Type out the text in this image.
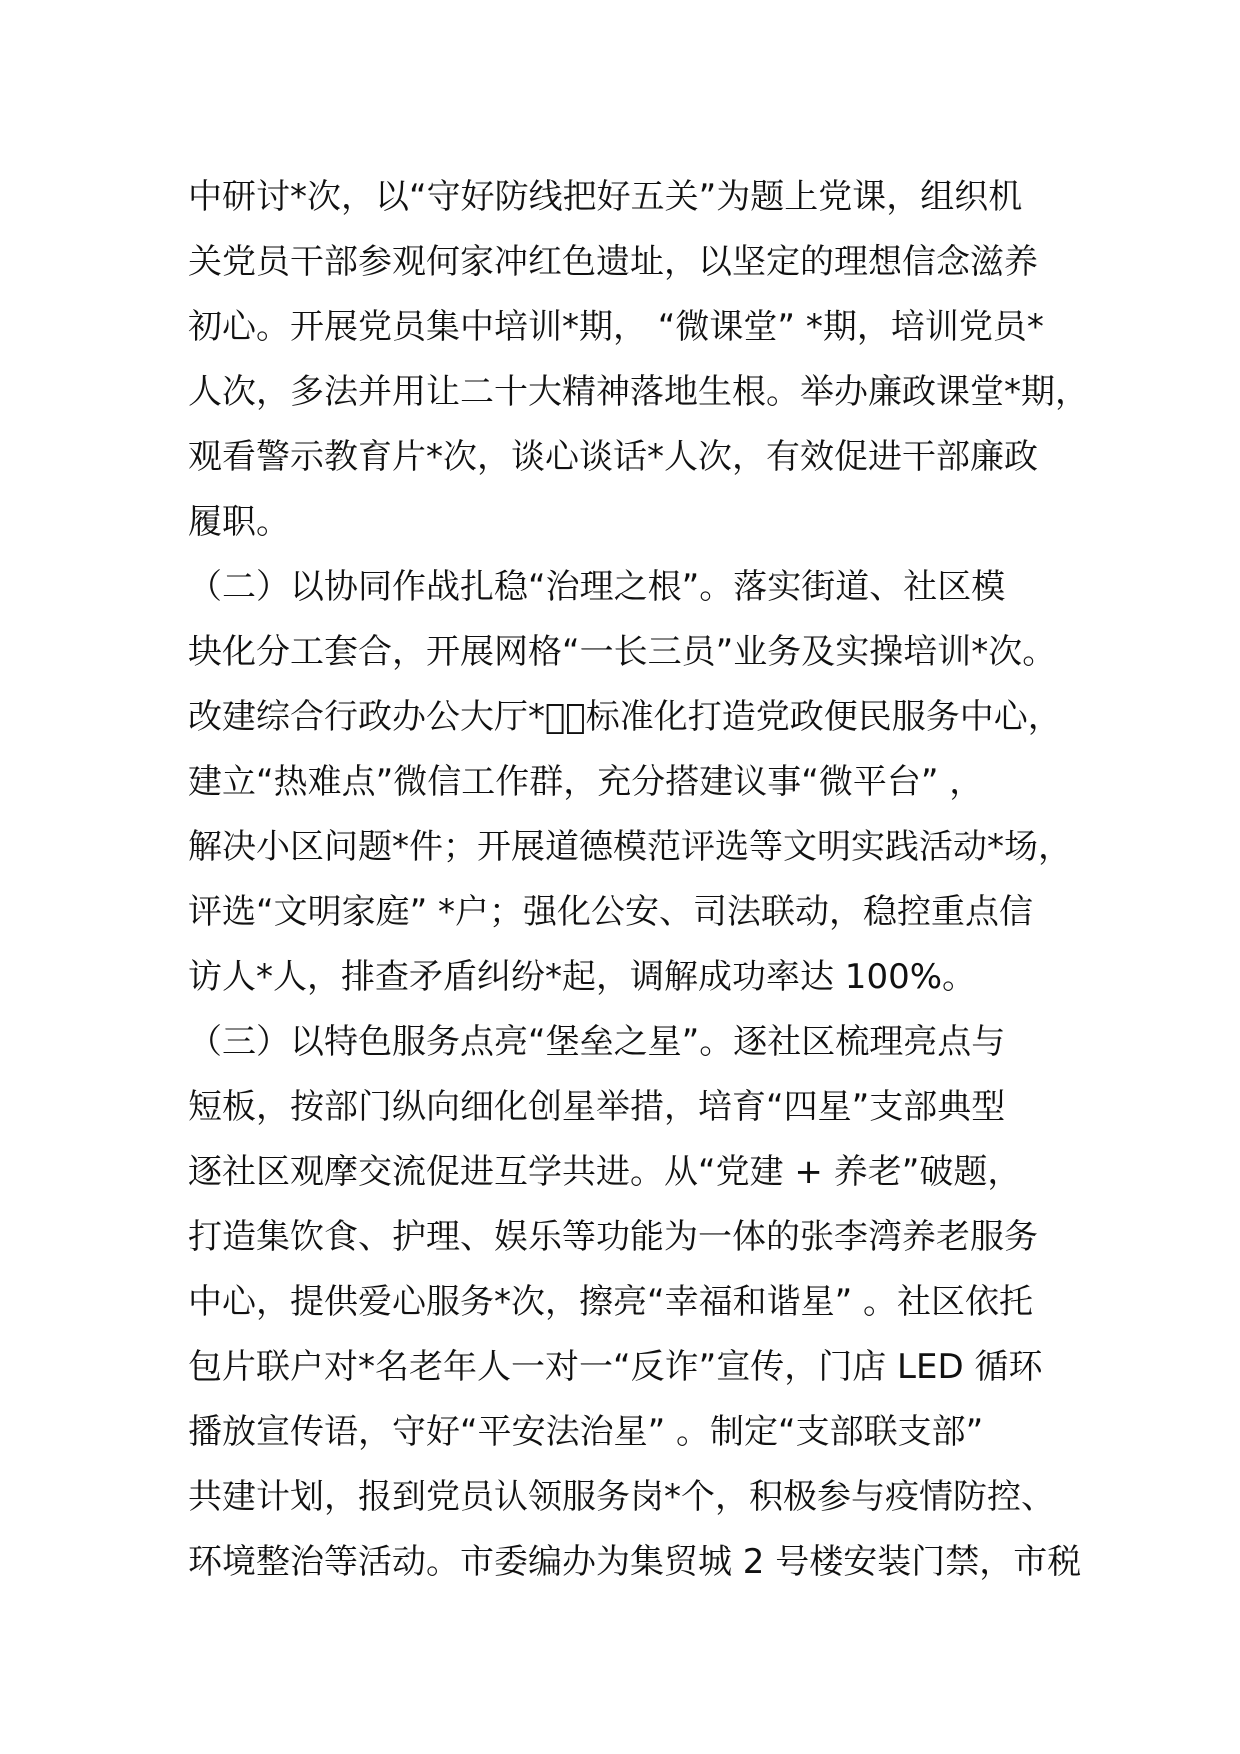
中研讨*次，以“守好防线把好五关”为题上党课，组织机
关党员干部参观何家冲红色遗址，以坚定的理想信念滋养
初心。开展党员集中培训*期， “微课堂” *期，培训党员*
人次，多法并用让二十大精神落地生根。举办廉政课堂*期，
观看警示教育片*次，谈心谈话*人次，有效促进干部廉政
履职。
（二）以协同作战扎稳“治理之根”。落实街道、社区模
块化分工套合，开展网格“一长三员”业务及实操培训*次。
改建综合行政办公大厅*􀀀，标准化打造党政便民服务中心，
建立“热难点”微信工作群，充分搭建议事“微平台” ，
解决小区问题*件；开展道德模范评选等文明实践活动*场，
评选“文明家庭” *户；强化公安、司法联动，稳控重点信
访人*人，排查矛盾纠纷*起，调解成功率达 100%。
（三）以特色服务点亮“堡垒之星”。逐社区梳理亮点与
短板，按部门纵向细化创星举措，培育“四星”支部典型
逐社区观摩交流促进互学共进。从“党建 + 养老”破题，
打造集饮食、护理、娱乐等功能为一体的张李湾养老服务
中心，提供爱心服务*次，擦亮“幸福和谐星” 。社区依托
包片联户对*名老年人一对一“反诈”宣传，门店 LED 循环
播放宣传语，守好“平安法治星” 。制定“支部联支部”
共建计划，报到党员认领服务岗*个，积极参与疫情防控、
环境整治等活动。市委编办为集贸城 2 号楼安装门禁，市税
